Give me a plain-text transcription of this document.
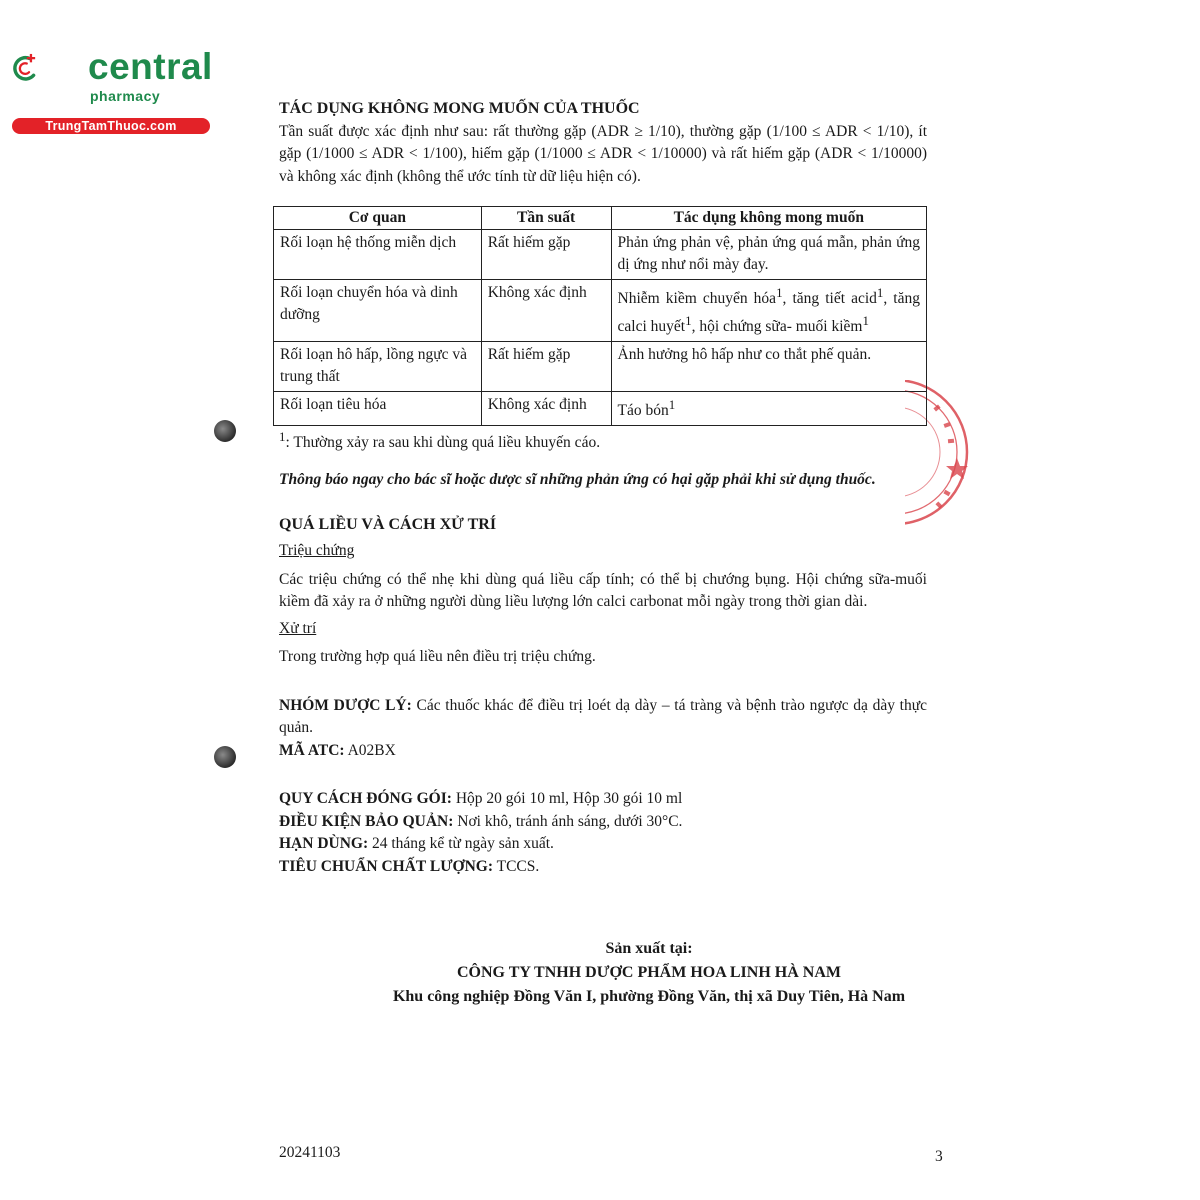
central
pharmacy
TrungTamThuoc.com
TÁC DỤNG KHÔNG MONG MUỐN CỦA THUỐC

Tần suất được xác định như sau: rất thường gặp (ADR ≥ 1/10), thường gặp (1/100 ≤ ADR < 1/10), ít gặp (1/1000 ≤ ADR < 1/100), hiếm gặp (1/1000 ≤ ADR < 1/10000) và rất hiếm gặp (ADR < 1/10000) và không xác định (không thể ước tính từ dữ liệu hiện có).

Cơ quan	Tần suất	Tác dụng không mong muốn
Rối loạn hệ thống miễn dịch	Rất hiếm gặp	Phản ứng phản vệ, phản ứng quá mẫn, phản ứng dị ứng như nổi mày đay.
Rối loạn chuyển hóa và dinh dưỡng	Không xác định	Nhiễm kiềm chuyển hóa$^1$, tăng tiết acid$^1$, tăng calci huyết$^1$, hội chứng sữa- muối kiềm$^1$
Rối loạn hô hấp, lồng ngực và trung thất	Rất hiếm gặp	Ảnh hưởng hô hấp như co thắt phế quản.
Rối loạn tiêu hóa	Không xác định	Táo bón$^1$

$^1$: Thường xảy ra sau khi dùng quá liều khuyến cáo.

Thông báo ngay cho bác sĩ hoặc dược sĩ những phản ứng có hại gặp phải khi sử dụng thuốc.

QUÁ LIỀU VÀ CÁCH XỬ TRÍ

Triệu chứng

Các triệu chứng có thể nhẹ khi dùng quá liều cấp tính; có thể bị chướng bụng. Hội chứng sữa-muối kiềm đã xảy ra ở những người dùng liều lượng lớn calci carbonat mỗi ngày trong thời gian dài.

Xử trí

Trong trường hợp quá liều nên điều trị triệu chứng.

NHÓM DƯỢC LÝ: Các thuốc khác để điều trị loét dạ dày – tá tràng và bệnh trào ngược dạ dày thực quản.

MÃ ATC: A02BX

QUY CÁCH ĐÓNG GÓI: Hộp 20 gói 10 ml, Hộp 30 gói 10 ml

ĐIỀU KIỆN BẢO QUẢN: Nơi khô, tránh ánh sáng, dưới 30°C.

HẠN DÙNG: 24 tháng kể từ ngày sản xuất.

TIÊU CHUẨN CHẤT LƯỢNG: TCCS.

Sản xuất tại:
CÔNG TY TNHH DƯỢC PHẨM HOA LINH HÀ NAM
Khu công nghiệp Đồng Văn I, phường Đồng Văn, thị xã Duy Tiên, Hà Nam
20241103	3
